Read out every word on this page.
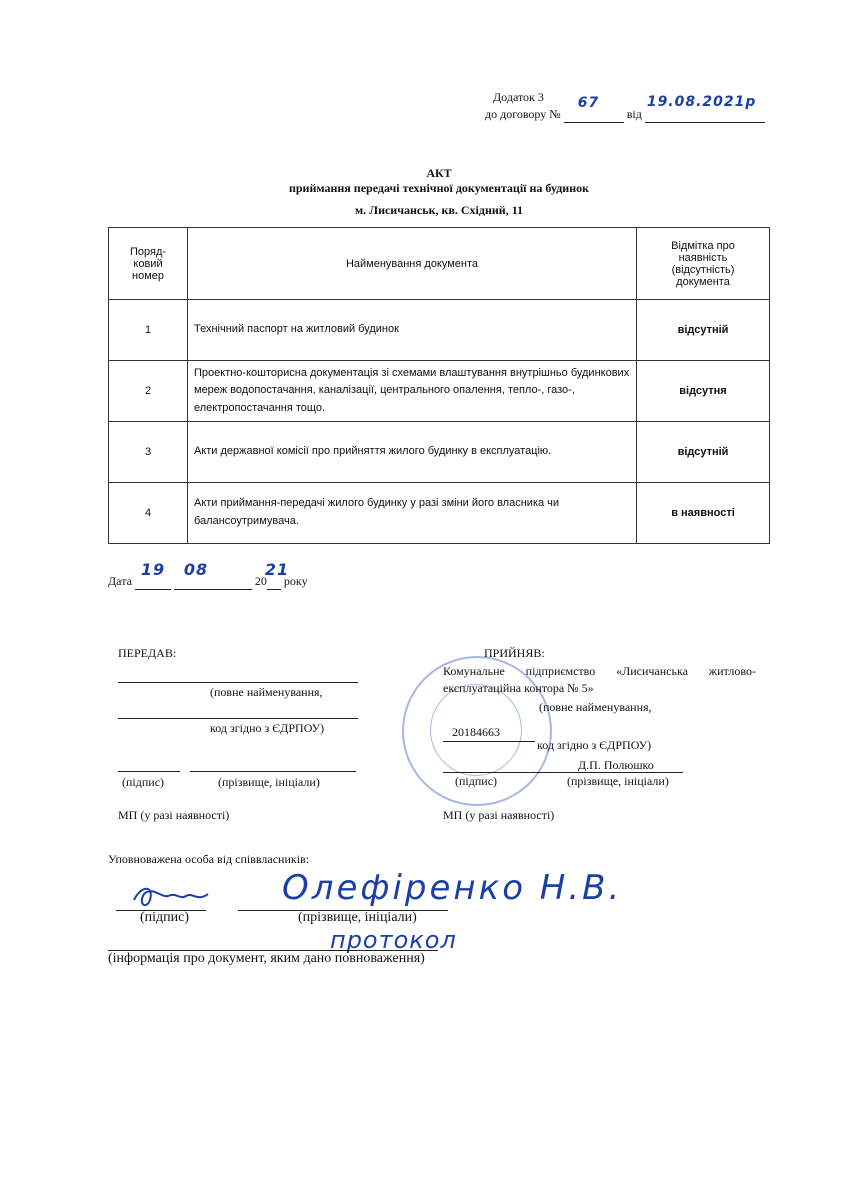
Додаток 3
до договору №
67
від
19.08.2021р

АКТ
приймання передачі технічної документації на будинок
м. Лисичанськ, кв. Східний, 11
Поряд-
ковий
номер	Найменування документа	Відмітка про
наявність
(відсутність)
документа
1	Технічний паспорт на житловий будинок	відсутній
2	Проектно-кошторисна документація зі схемами влаштування внутрішньо будинкових мереж водопостачання, каналізації, центрального опалення, тепло-, газо-, електропостачання тощо.	відсутня
3	Акти державної комісії про прийняття жилого будинку в експлуатацію.	відсутній
4	Акти приймання-передачі жилого будинку у разі зміни його власника чи балансоутримувача.	в наявності
Дата
19
08
20
21
року
ПЕРЕДАВ:
(повне найменування,
код згідно з ЄДРПОУ)
(підпис)	(прізвище, ініціали)
МП (у разі наявності)
ПРИЙНЯВ:
Комунальне підприємство «Лисичанська житлово-
експлуатаційна контора № 5»
(повне найменування,
20184663
код згідно з ЄДРПОУ)
Д.П. Полюшко
(підпис)	(прізвище, ініціали)
МП (у разі наявності)
Уповноважена особа від співвласників:
Олефіренко Н.В.
(підпис)	(прізвище, ініціали)
протокол
(інформація про документ, яким дано повноваження)
